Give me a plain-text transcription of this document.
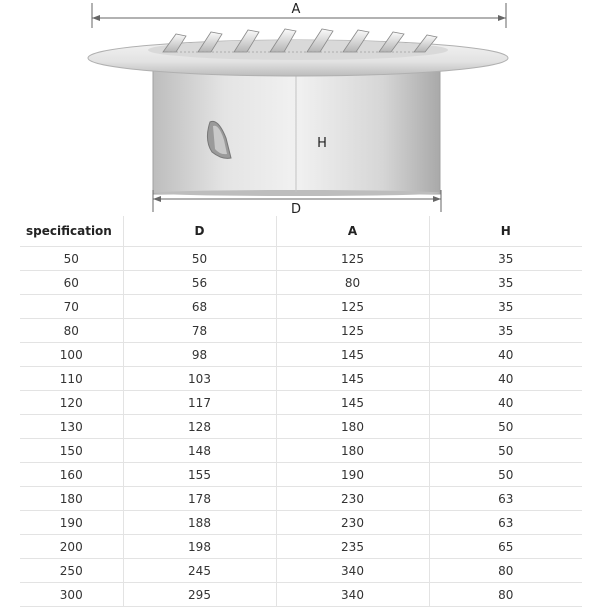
A
H
D
specification	D	A	H
50	50	125	35
60	56	80	35
70	68	125	35
80	78	125	35
100	98	145	40
110	103	145	40
120	117	145	40
130	128	180	50
150	148	180	50
160	155	190	50
180	178	230	63
190	188	230	63
200	198	235	65
250	245	340	80
300	295	340	80
